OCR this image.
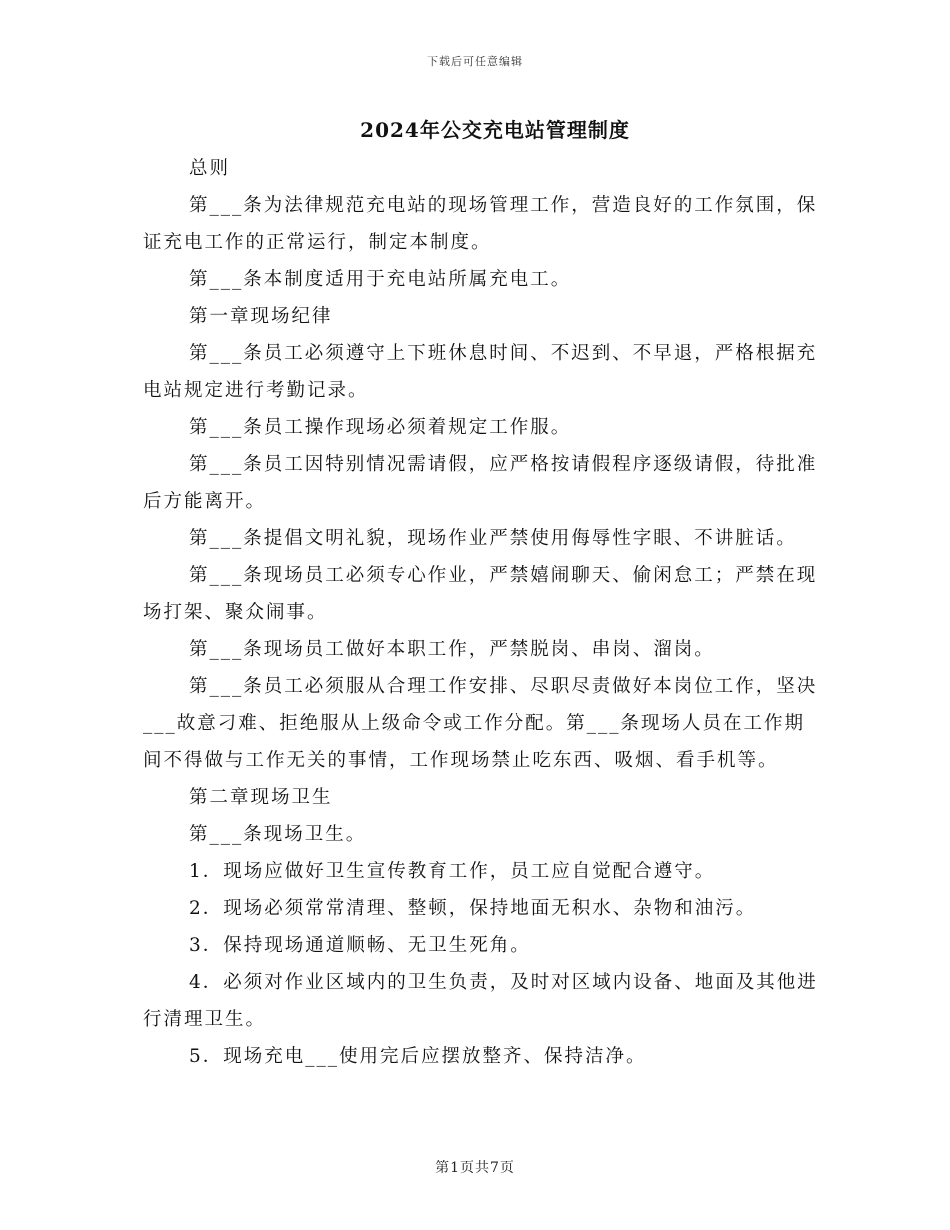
下载后可任意编辑
2024年公交充电站管理制度

总则

第___条为法律规范充电站的现场管理工作，营造良好的工作氛围，保证充电工作的正常运行，制定本制度。

第___条本制度适用于充电站所属充电工。

第一章现场纪律

第___条员工必须遵守上下班休息时间、不迟到、不早退，严格根据充电站规定进行考勤记录。

第___条员工操作现场必须着规定工作服。

第___条员工因特别情况需请假，应严格按请假程序逐级请假，待批准后方能离开。

第___条提倡文明礼貌，现场作业严禁使用侮辱性字眼、不讲脏话。

第___条现场员工必须专心作业，严禁嬉闹聊天、偷闲怠工；严禁在现场打架、聚众闹事。

第___条现场员工做好本职工作，严禁脱岗、串岗、溜岗。

第___条员工必须服从合理工作安排、尽职尽责做好本岗位工作，坚决___故意刁难、拒绝服从上级命令或工作分配。第___条现场人员在工作期间不得做与工作无关的事情，工作现场禁止吃东西、吸烟、看手机等。

第二章现场卫生

第___条现场卫生。

1．现场应做好卫生宣传教育工作，员工应自觉配合遵守。

2．现场必须常常清理、整顿，保持地面无积水、杂物和油污。

3．保持现场通道顺畅、无卫生死角。

4．必须对作业区域内的卫生负责，及时对区域内设备、地面及其他进行清理卫生。

5．现场充电___使用完后应摆放整齐、保持洁净。

第1页共7页
